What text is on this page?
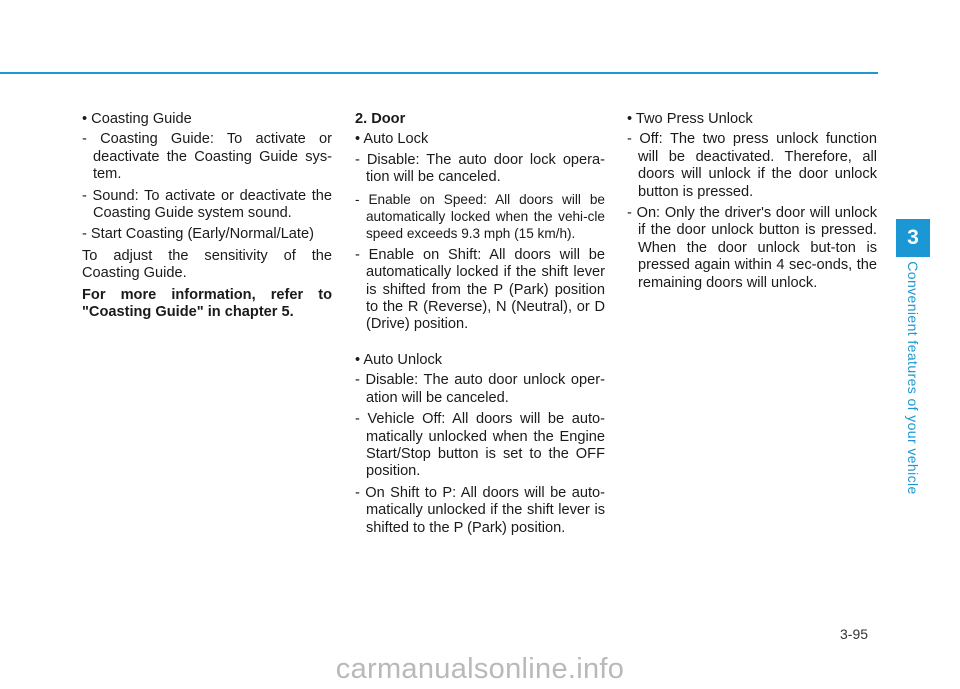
• Coasting Guide
- Coasting Guide: To activate or deactivate the Coasting Guide sys-tem.
- Sound: To activate or deactivate the Coasting Guide system sound.
- Start Coasting (Early/Normal/Late)
To adjust the sensitivity of the Coasting Guide.
For more information, refer to "Coasting Guide" in chapter 5.
2. Door
• Auto Lock
- Disable: The auto door lock opera-tion will be canceled.
- Enable on Speed: All doors will be automatically locked when the vehi-cle speed exceeds 9.3 mph (15 km/h).
- Enable on Shift: All doors will be automatically locked if the shift lever is shifted from the P (Park) position to the R (Reverse), N (Neutral), or D (Drive) position.
• Auto Unlock
- Disable: The auto door unlock oper-ation will be canceled.
- Vehicle Off: All doors will be auto-matically unlocked when the Engine Start/Stop button is set to the OFF position.
- On Shift to P: All doors will be auto-matically unlocked if the shift lever is shifted to the P (Park) position.
• Two Press Unlock
- Off: The two press unlock function will be deactivated. Therefore, all doors will unlock if the door unlock button is pressed.
- On: Only the driver's door will unlock if the door unlock button is pressed. When the door unlock but-ton is pressed again within 4 sec-onds, the remaining doors will unlock.
3
Convenient features of your vehicle
3-95
carmanualsonline.info
